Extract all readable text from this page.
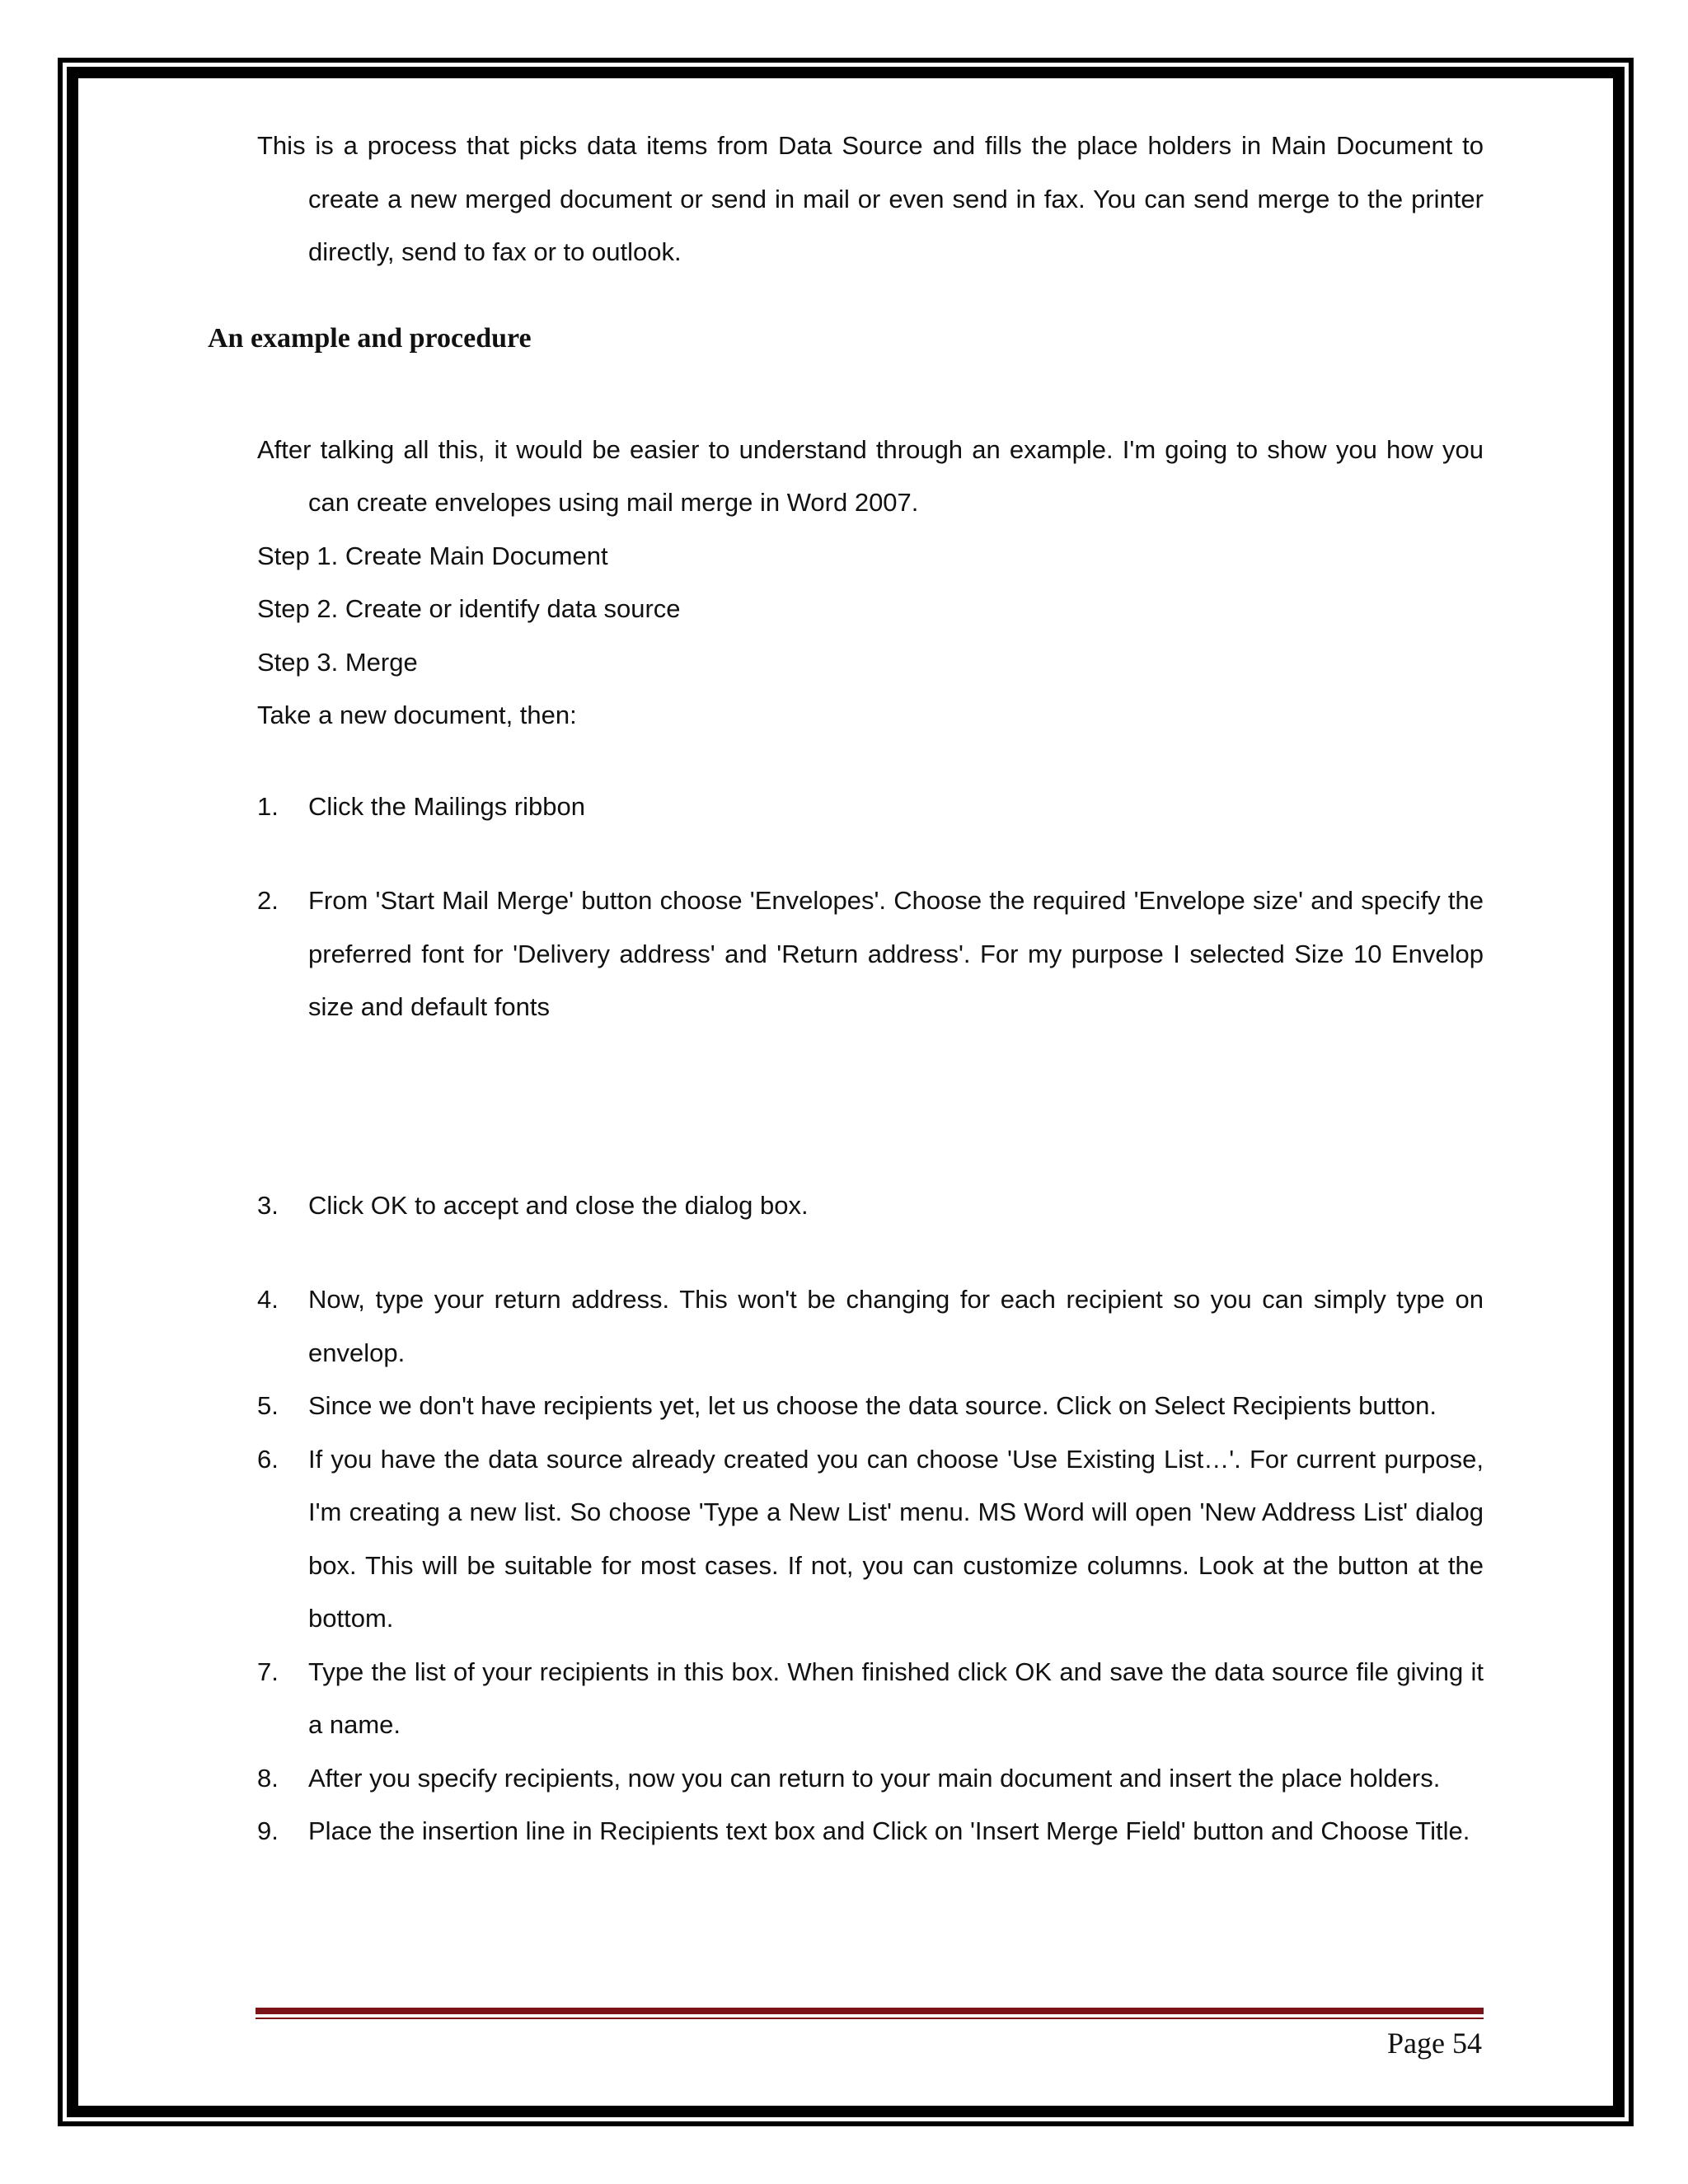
An example and procedure

This is a process that picks data items from Data Source and fills the place holders in Main Document to create a new merged document or send in mail or even send in fax. You can send merge to the printer directly, send to fax or to outlook.

After talking all this, it would be easier to understand through an example. I'm going to show you how you can create envelopes using mail merge in Word 2007.

Step 1. Create Main Document

Step 2. Create or identify data source

Step 3. Merge

Take a new document, then:

1. Click the Mailings ribbon
2. From 'Start Mail Merge' button choose 'Envelopes'. Choose the required 'Envelope size' and specify the preferred font for 'Delivery address' and 'Return address'. For my purpose I selected Size 10 Envelop size and default fonts
3. Click OK to accept and close the dialog box.
4. Now, type your return address. This won't be changing for each recipient so you can simply type on envelop.
5. Since we don't have recipients yet, let us choose the data source. Click on Select Recipients button.
6. If you have the data source already created you can choose 'Use Existing List…'. For current purpose, I'm creating a new list. So choose 'Type a New List' menu. MS Word will open 'New Address List' dialog box. This will be suitable for most cases. If not, you can customize columns. Look at the button at the bottom.
7. Type the list of your recipients in this box. When finished click OK and save the data source file giving it a name.
8. After you specify recipients, now you can return to your main document and insert the place holders.
9. Place the insertion line in Recipients text box and Click on 'Insert Merge Field' button and Choose Title.

Page 54
